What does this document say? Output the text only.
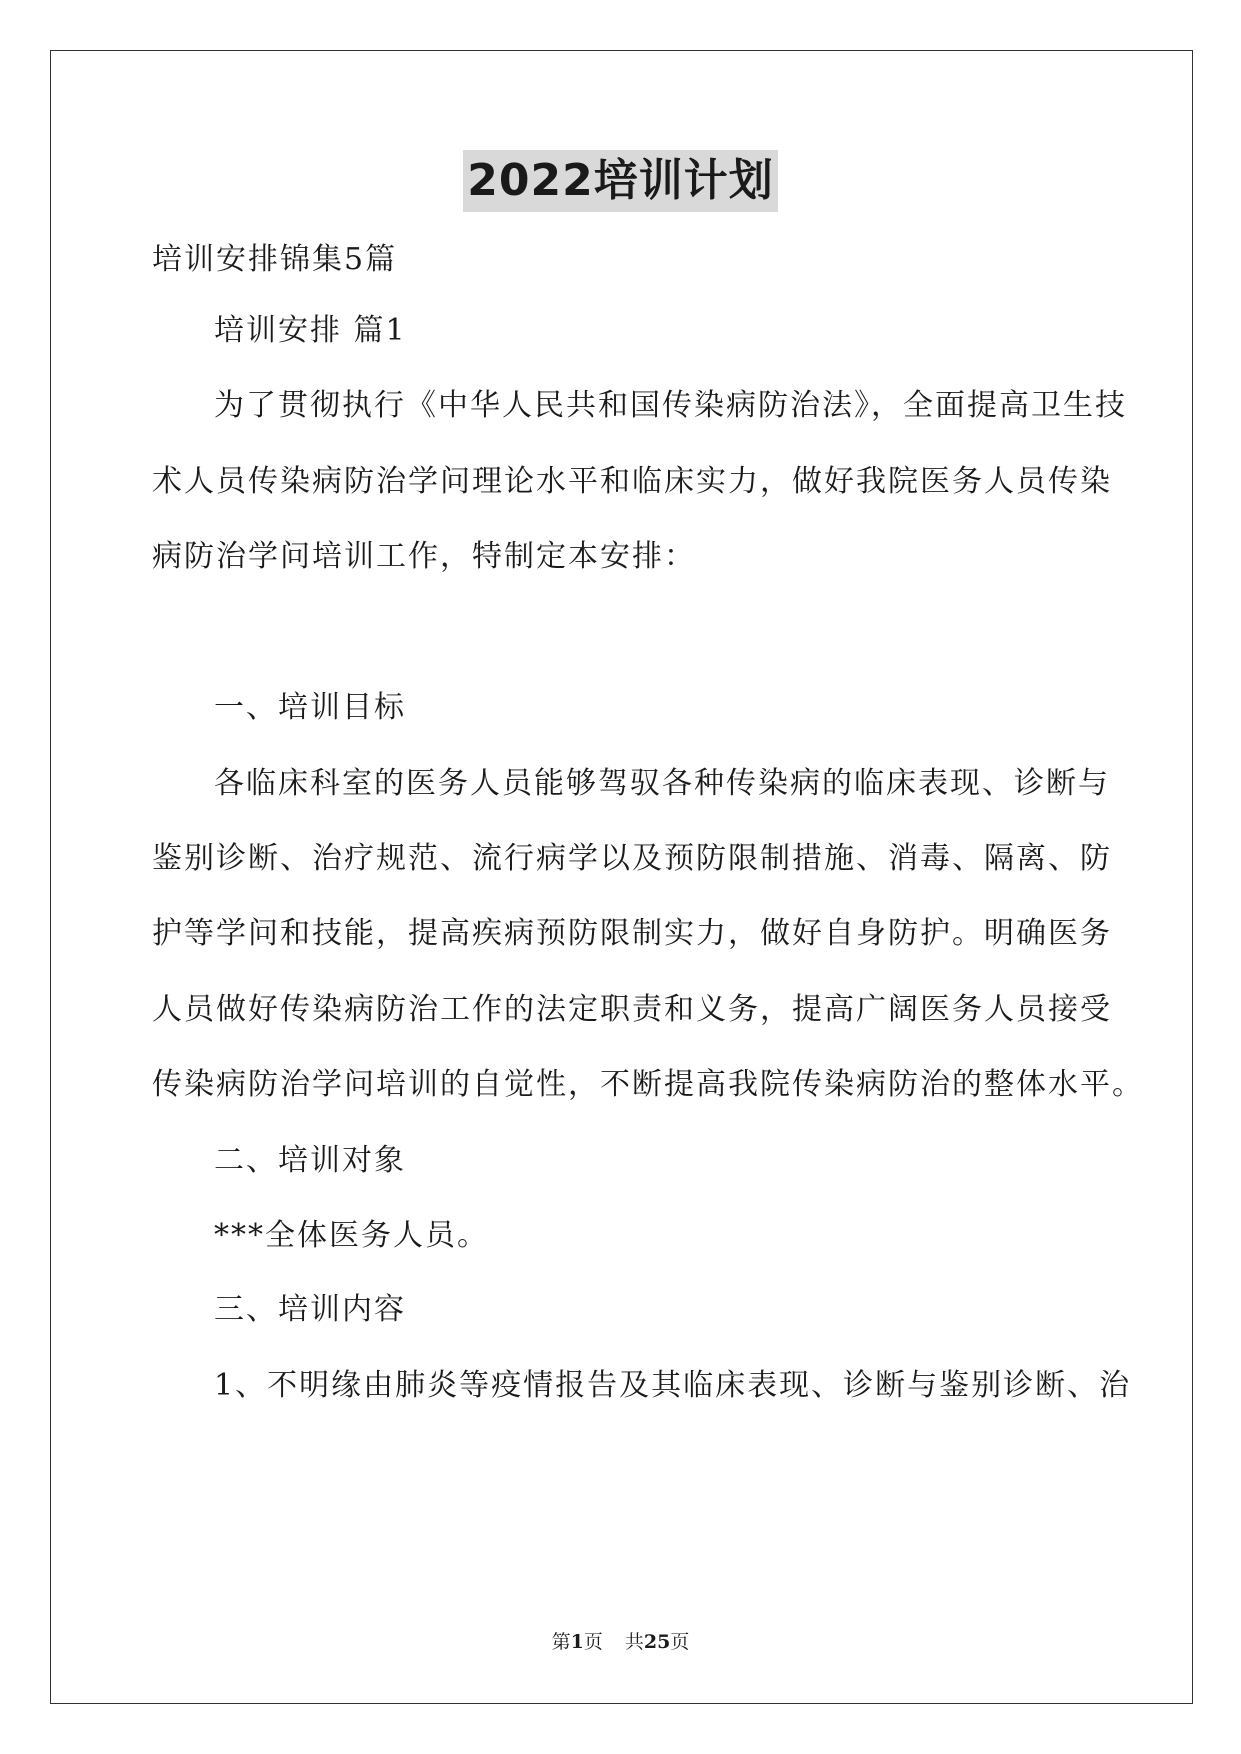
2022培训计划
培训安排锦集5篇
培训安排 篇1
为了贯彻执行《中华人民共和国传染病防治法》，全面提高卫生技
术人员传染病防治学问理论水平和临床实力，做好我院医务人员传染
病防治学问培训工作，特制定本安排：
一、培训目标
各临床科室的医务人员能够驾驭各种传染病的临床表现、诊断与
鉴别诊断、治疗规范、流行病学以及预防限制措施、消毒、隔离、防
护等学问和技能，提高疾病预防限制实力，做好自身防护。明确医务
人员做好传染病防治工作的法定职责和义务，提高广阔医务人员接受
传染病防治学问培训的自觉性，不断提高我院传染病防治的整体水平。
二、培训对象
***全体医务人员。
三、培训内容
1、不明缘由肺炎等疫情报告及其临床表现、诊断与鉴别诊断、治
第1页 共25页
